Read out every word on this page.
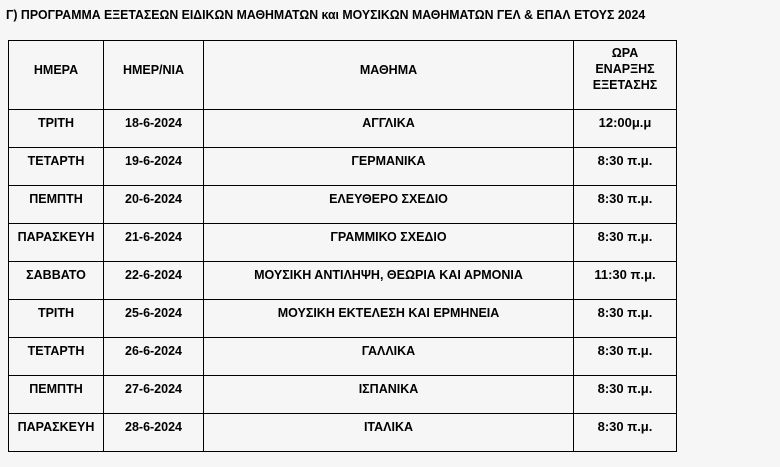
Γ) ΠΡΟΓΡΑΜΜΑ ΕΞΕΤΑΣΕΩΝ ΕΙΔΙΚΩΝ ΜΑΘΗΜΑΤΩΝ και ΜΟΥΣΙΚΩΝ ΜΑΘΗΜΑΤΩΝ ΓΕΛ & ΕΠΑΛ ΕΤΟΥΣ 2024
ΗΜΕΡΑ	ΗΜΕΡ/ΝΙΑ	ΜΑΘΗΜΑ	ΩΡΑ
ΕΝΑΡΞΗΣ
ΕΞΕΤΑΣΗΣ

ΤΡΙΤΗ	18-6-2024	ΑΓΓΛΙΚΑ	12:00μ.μ

ΤΕΤΑΡΤΗ	19-6-2024	ΓΕΡΜΑΝΙΚΑ	8:30 π.μ.

ΠΕΜΠΤΗ	20-6-2024	ΕΛΕΥΘΕΡΟ ΣΧΕΔΙΟ	8:30 π.μ.

ΠΑΡΑΣΚΕΥΗ	21-6-2024	ΓΡΑΜΜΙΚΟ ΣΧΕΔΙΟ	8:30 π.μ.

ΣΑΒΒΑΤΟ	22-6-2024	ΜΟΥΣΙΚΗ ΑΝΤΙΛΗΨΗ, ΘΕΩΡΙΑ ΚΑΙ ΑΡΜΟΝΙΑ	11:30 π.μ.

ΤΡΙΤΗ	25-6-2024	ΜΟΥΣΙΚΗ ΕΚΤΕΛΕΣΗ ΚΑΙ ΕΡΜΗΝΕΙΑ	8:30 π.μ.

ΤΕΤΑΡΤΗ	26-6-2024	ΓΑΛΛΙΚΑ	8:30 π.μ.

ΠΕΜΠΤΗ	27-6-2024	ΙΣΠΑΝΙΚΑ	8:30 π.μ.

ΠΑΡΑΣΚΕΥΗ	28-6-2024	ΙΤΑΛΙΚΑ	8:30 π.μ.
